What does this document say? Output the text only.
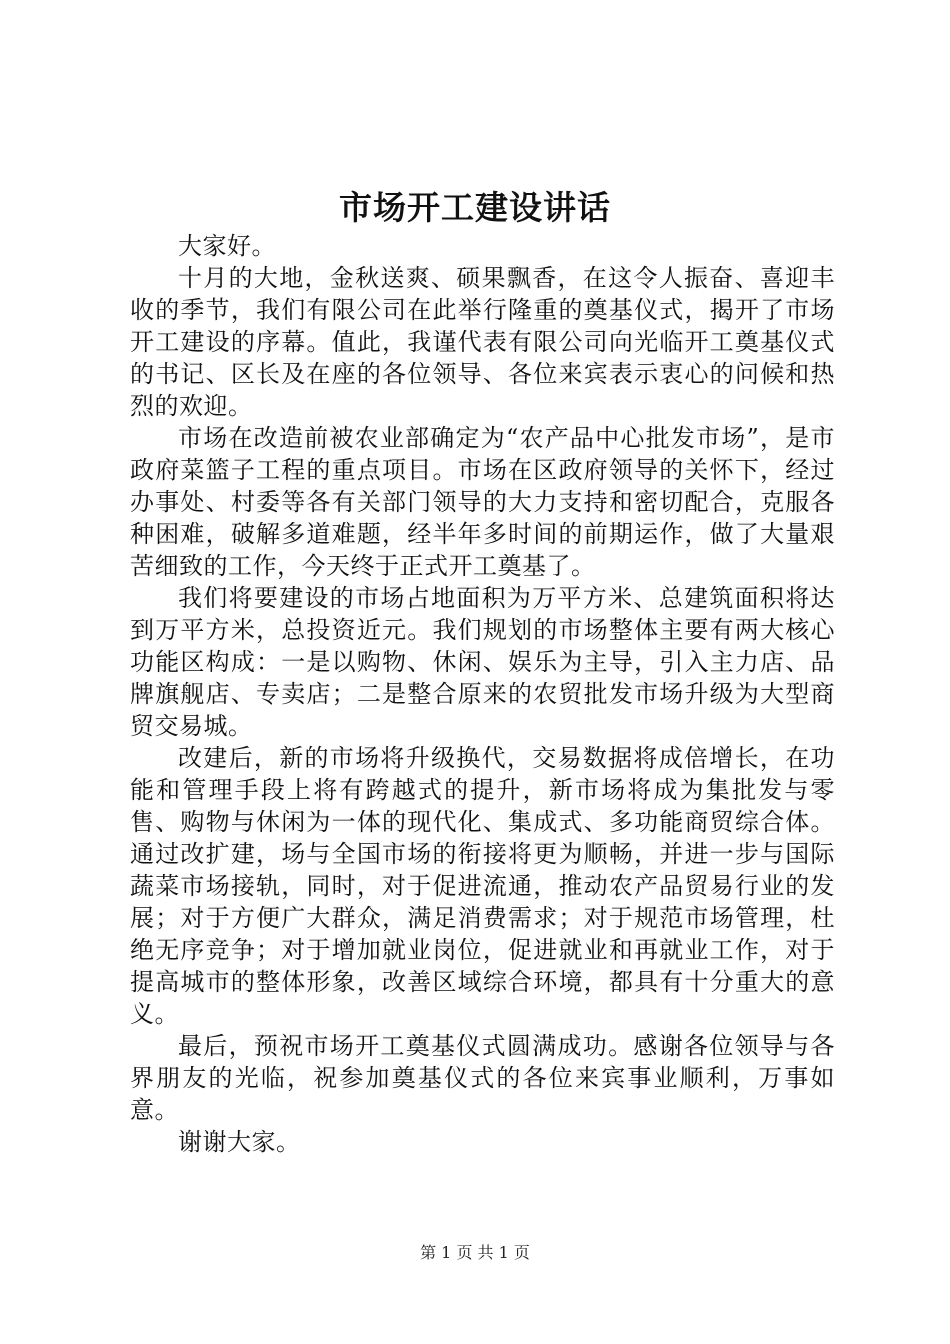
市场开工建设讲话

大家好。

十月的大地，金秋送爽、硕果飘香，在这令人振奋、喜迎丰收的季节，我们有限公司在此举行隆重的奠基仪式，揭开了市场开工建设的序幕。值此，我谨代表有限公司向光临开工奠基仪式的书记、区长及在座的各位领导、各位来宾表示衷心的问候和热烈的欢迎。

市场在改造前被农业部确定为“农产品中心批发市场”，是市政府菜篮子工程的重点项目。市场在区政府领导的关怀下，经过办事处、村委等各有关部门领导的大力支持和密切配合，克服各种困难，破解多道难题，经半年多时间的前期运作，做了大量艰苦细致的工作，今天终于正式开工奠基了。

我们将要建设的市场占地面积为万平方米、总建筑面积将达到万平方米，总投资近元。我们规划的市场整体主要有两大核心功能区构成：一是以购物、休闲、娱乐为主导，引入主力店、品牌旗舰店、专卖店；二是整合原来的农贸批发市场升级为大型商贸交易城。

改建后，新的市场将升级换代，交易数据将成倍增长，在功能和管理手段上将有跨越式的提升，新市场将成为集批发与零售、购物与休闲为一体的现代化、集成式、多功能商贸综合体。通过改扩建，场与全国市场的衔接将更为顺畅，并进一步与国际蔬菜市场接轨，同时，对于促进流通，推动农产品贸易行业的发展；对于方便广大群众，满足消费需求；对于规范市场管理，杜绝无序竞争；对于增加就业岗位，促进就业和再就业工作，对于提高城市的整体形象，改善区域综合环境，都具有十分重大的意义。

最后，预祝市场开工奠基仪式圆满成功。感谢各位领导与各界朋友的光临，祝参加奠基仪式的各位来宾事业顺利，万事如意。

谢谢大家。

第 1 页 共 1 页
